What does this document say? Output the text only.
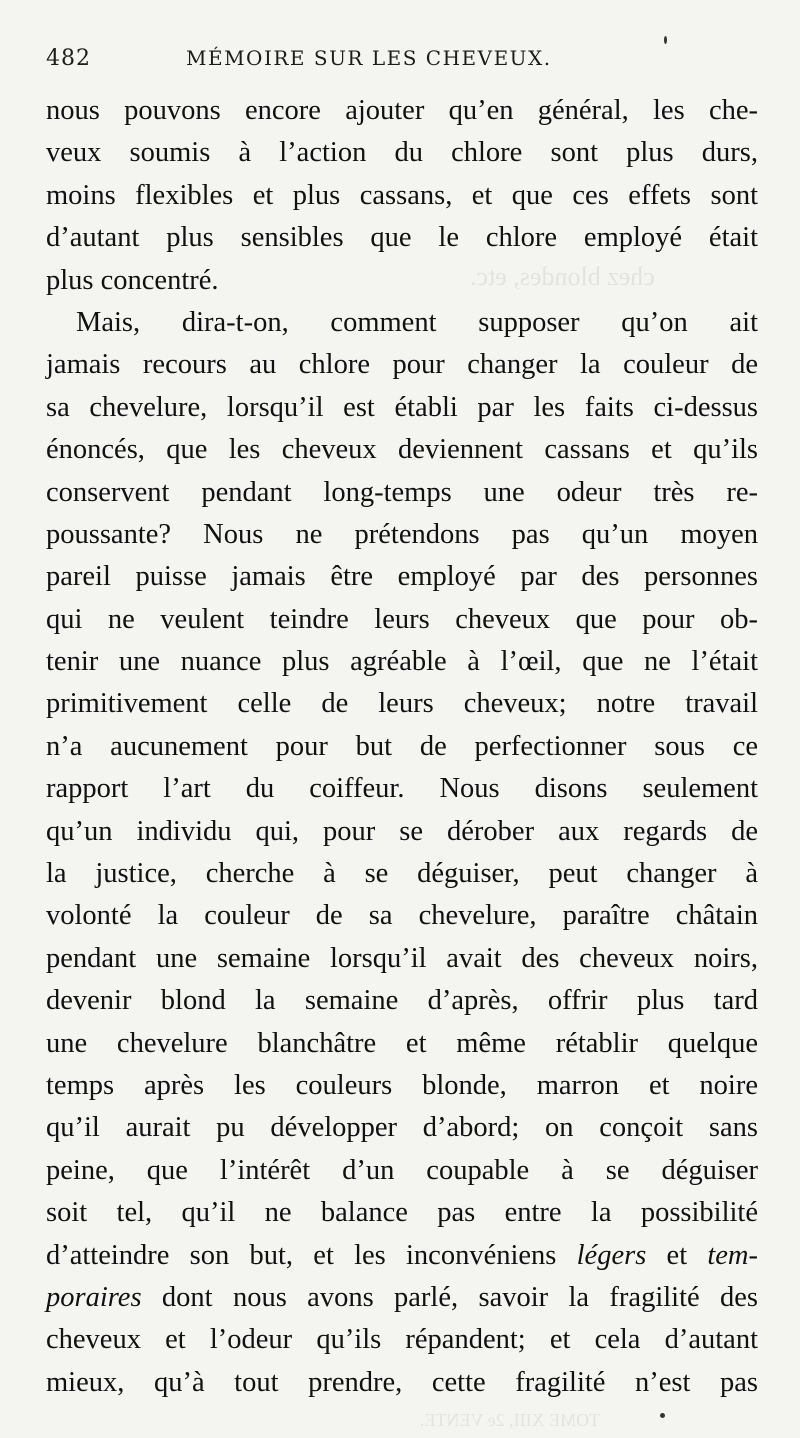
chez blondes, etc.
TOME XIII, 2e VENTE.
482	MÉMOIRE SUR LES CHEVEUX.
nous pouvons encore ajouter qu’en général, les che-
veux soumis à l’action du chlore sont plus durs,
moins flexibles et plus cassans, et que ces effets sont
d’autant plus sensibles que le chlore employé était
plus concentré.
Mais, dira-t-on, comment supposer qu’on ait
jamais recours au chlore pour changer la couleur de
sa chevelure, lorsqu’il est établi par les faits ci-dessus
énoncés, que les cheveux deviennent cassans et qu’ils
conservent pendant long-temps une odeur très re-
poussante? Nous ne prétendons pas qu’un moyen
pareil puisse jamais être employé par des personnes
qui ne veulent teindre leurs cheveux que pour ob-
tenir une nuance plus agréable à l’œil, que ne l’était
primitivement celle de leurs cheveux; notre travail
n’a aucunement pour but de perfectionner sous ce
rapport l’art du coiffeur. Nous disons seulement
qu’un individu qui, pour se dérober aux regards de
la justice, cherche à se déguiser, peut changer à
volonté la couleur de sa chevelure, paraître châtain
pendant une semaine lorsqu’il avait des cheveux noirs,
devenir blond la semaine d’après, offrir plus tard
une chevelure blanchâtre et même rétablir quelque
temps après les couleurs blonde, marron et noire
qu’il aurait pu développer d’abord; on conçoit sans
peine, que l’intérêt d’un coupable à se déguiser
soit tel, qu’il ne balance pas entre la possibilité
d’atteindre son but, et les inconvéniens légers et tem-
poraires dont nous avons parlé, savoir la fragilité des
cheveux et l’odeur qu’ils répandent; et cela d’autant
mieux, qu’à tout prendre, cette fragilité n’est pas
